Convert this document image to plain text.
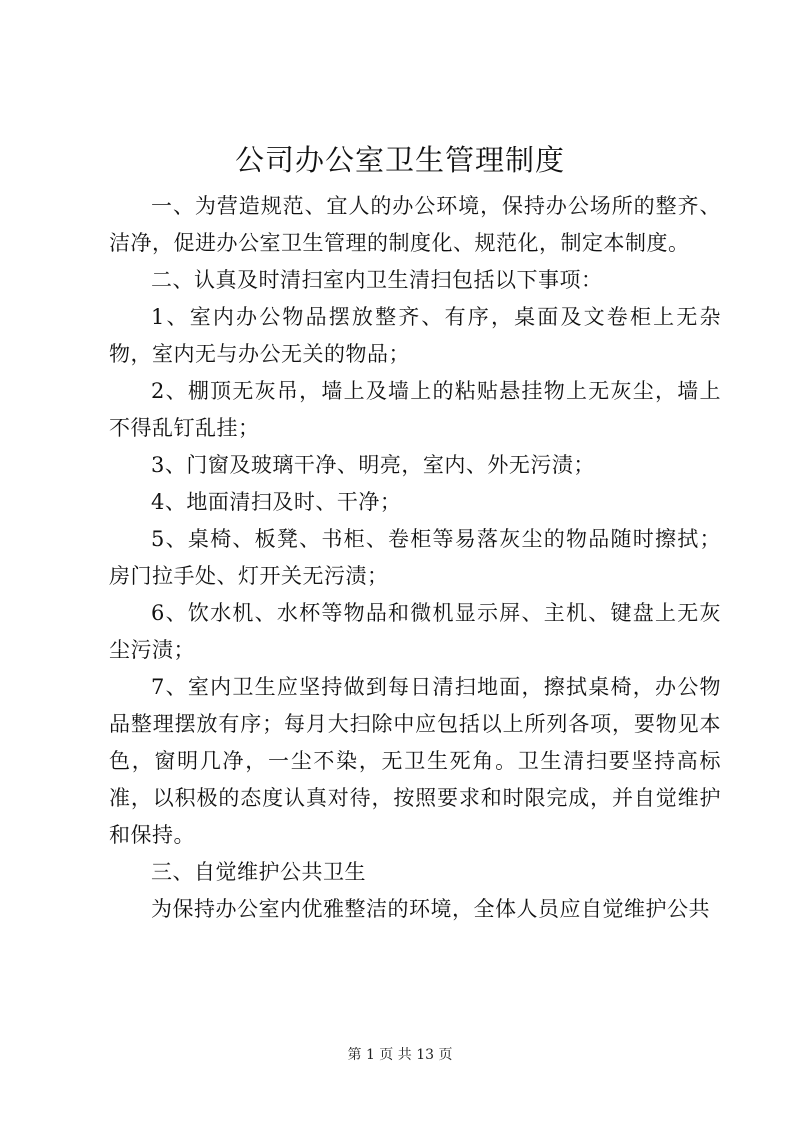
公司办公室卫生管理制度

一、为营造规范、宜人的办公环境，保持办公场所的整齐、洁净，促进办公室卫生管理的制度化、规范化，制定本制度。

二、认真及时清扫室内卫生清扫包括以下事项：

1、室内办公物品摆放整齐、有序，桌面及文卷柜上无杂物，室内无与办公无关的物品；

2、棚顶无灰吊，墙上及墙上的粘贴悬挂物上无灰尘，墙上不得乱钉乱挂；

3、门窗及玻璃干净、明亮，室内、外无污渍；

4、地面清扫及时、干净；

5、桌椅、板凳、书柜、卷柜等易落灰尘的物品随时擦拭；房门拉手处、灯开关无污渍；

6、饮水机、水杯等物品和微机显示屏、主机、键盘上无灰尘污渍；

7、室内卫生应坚持做到每日清扫地面，擦拭桌椅，办公物品整理摆放有序；每月大扫除中应包括以上所列各项，要物见本色，窗明几净，一尘不染，无卫生死角。卫生清扫要坚持高标准，以积极的态度认真对待，按照要求和时限完成，并自觉维护和保持。

三、自觉维护公共卫生

为保持办公室内优雅整洁的环境，全体人员应自觉维护公共

第 1 页 共 13 页
